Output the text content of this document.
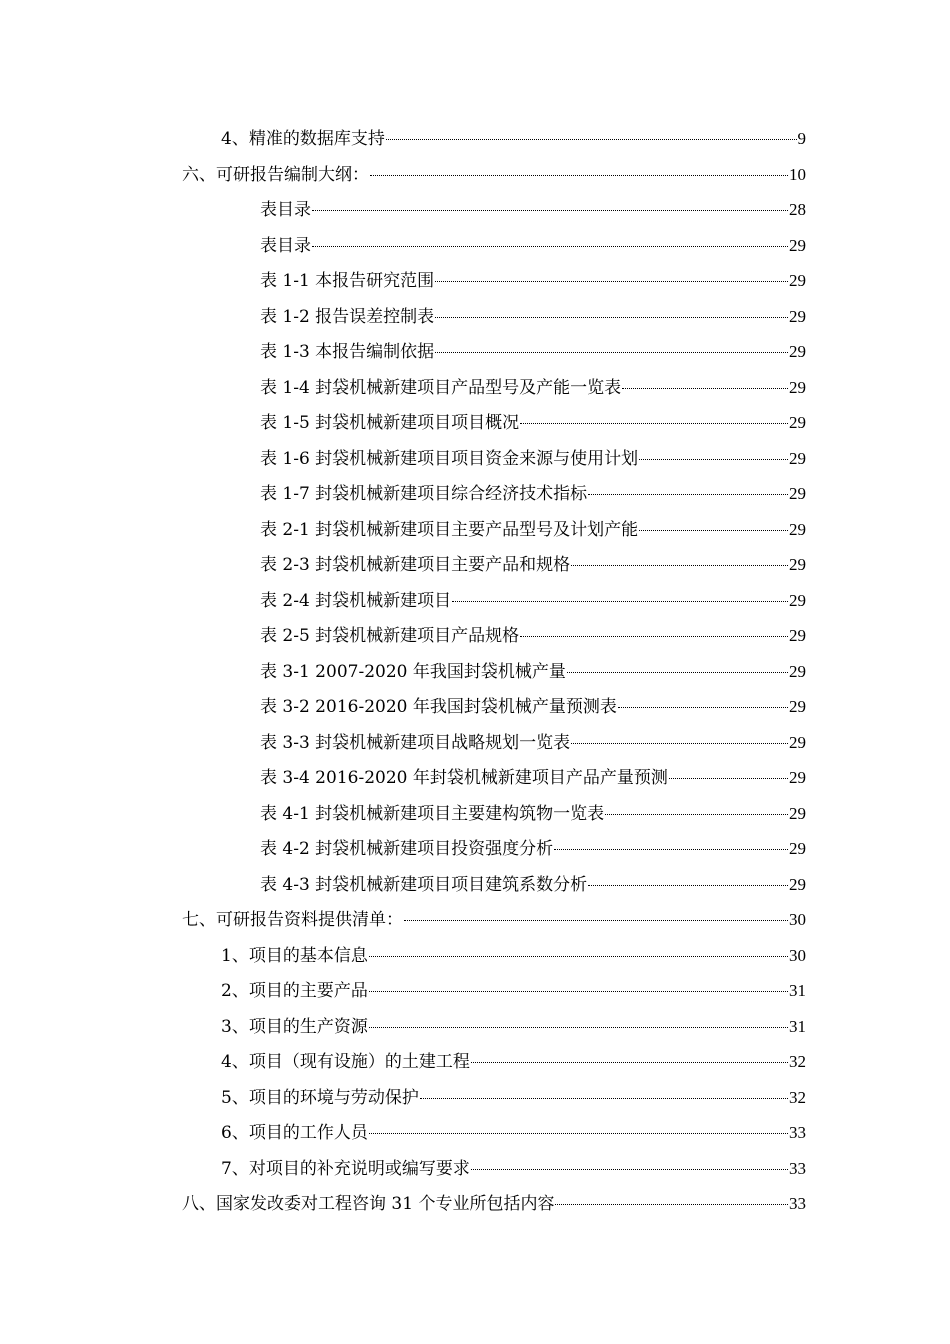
4、精准的数据库支持	9
六、可研报告编制大纲：	10
表目录	28
表目录	29
表 1-1 本报告研究范围	29
表 1-2 报告误差控制表	29
表 1-3 本报告编制依据	29
表 1-4 封袋机械新建项目产品型号及产能一览表	29
表 1-5 封袋机械新建项目项目概况	29
表 1-6 封袋机械新建项目项目资金来源与使用计划	29
表 1-7 封袋机械新建项目综合经济技术指标	29
表 2-1 封袋机械新建项目主要产品型号及计划产能	29
表 2-3 封袋机械新建项目主要产品和规格	29
表 2-4 封袋机械新建项目	29
表 2-5 封袋机械新建项目产品规格	29
表 3-1 2007-2020 年我国封袋机械产量	29
表 3-2 2016-2020 年我国封袋机械产量预测表	29
表 3-3 封袋机械新建项目战略规划一览表	29
表 3-4 2016-2020 年封袋机械新建项目产品产量预测	29
表 4-1 封袋机械新建项目主要建构筑物一览表	29
表 4-2 封袋机械新建项目投资强度分析	29
表 4-3 封袋机械新建项目项目建筑系数分析	29
七、可研报告资料提供清单：	30
1、项目的基本信息	30
2、项目的主要产品	31
3、项目的生产资源	31
4、项目（现有设施）的土建工程	32
5、项目的环境与劳动保护	32
6、项目的工作人员	33
7、对项目的补充说明或编写要求	33
八、国家发改委对工程咨询 31 个专业所包括内容	33
